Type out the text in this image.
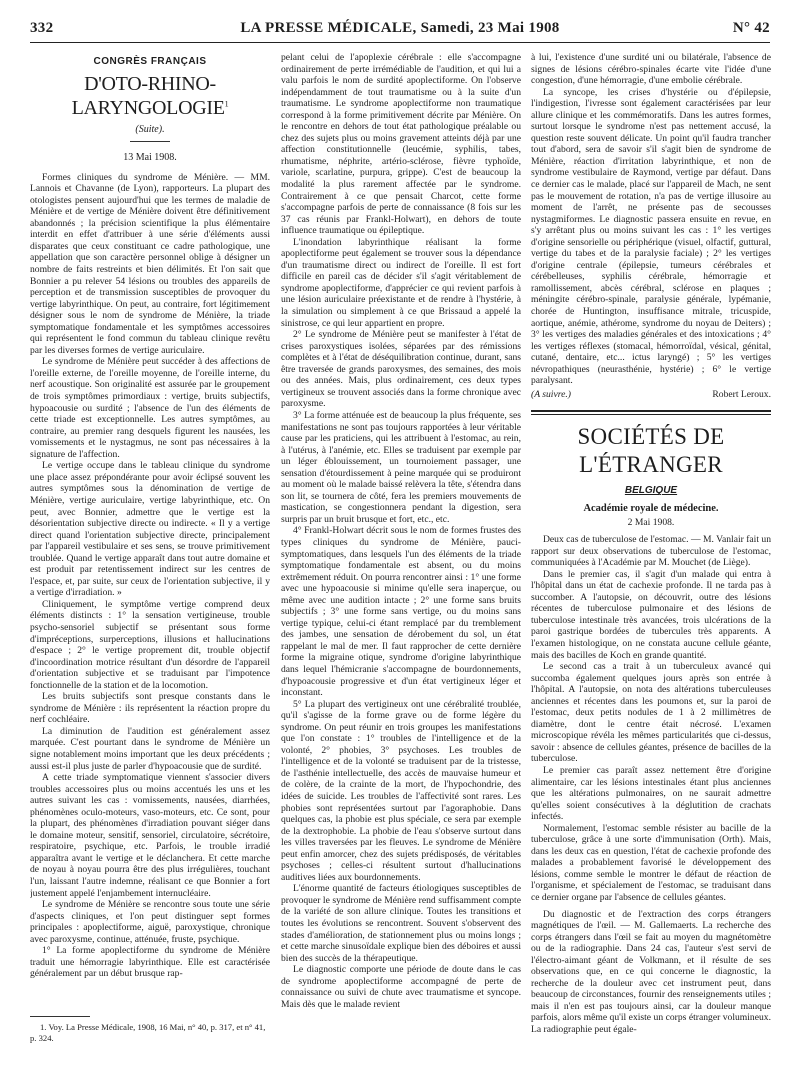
332	LA PRESSE MÉDICALE, Samedi, 23 Mai 1908	N° 42
CONGRÈS FRANÇAIS
D'OTO-RHINO-LARYNGOLOGIE$^1$
(Suite).
13 Mai 1908.

Formes cliniques du syndrome de Ménière. — MM. Lannois et Chavanne (de Lyon), rapporteurs. La plupart des otologistes pensent aujourd'hui que les termes de maladie de Ménière et de vertige de Ménière doivent être définitivement abandonnés ; la précision scientifique la plus élémentaire interdit en effet d'attribuer à une série d'éléments aussi disparates que ceux constituant ce cadre pathologique, une appellation que son caractère personnel oblige à désigner un nombre de faits restreints et bien délimités. Et l'on sait que Bonnier a pu relever 54 lésions ou troubles des appareils de perception et de transmission susceptibles de provoquer du vertige labyrinthique. On peut, au contraire, fort légitimement désigner sous le nom de syndrome de Ménière, la triade symptomatique fondamentale et les symptômes accessoires qui représentent le fond commun du tableau clinique revêtu par les diverses formes de vertige auriculaire.

Le syndrome de Ménière peut succéder à des affections de l'oreille externe, de l'oreille moyenne, de l'oreille interne, du nerf acoustique. Son originalité est assurée par le groupement de trois symptômes primordiaux : vertige, bruits subjectifs, hypoacousie ou surdité ; l'absence de l'un des éléments de cette triade est exceptionnelle. Les autres symptômes, au contraire, au premier rang desquels figurent les nausées, les vomissements et le nystagmus, ne sont pas nécessaires à la signature de l'affection.

Le vertige occupe dans le tableau clinique du syndrome une place assez prépondérante pour avoir éclipsé souvent les autres symptômes sous la dénomination de vertige de Ménière, vertige auriculaire, vertige labyrinthique, etc. On peut, avec Bonnier, admettre que le vertige est la désorientation subjective directe ou indirecte. « Il y a vertige direct quand l'orientation subjective directe, principalement par l'appareil vestibulaire et ses sens, se trouve primitivement troublée. Quand le vertige apparaît dans tout autre domaine et est produit par retentissement indirect sur les centres de l'espace, et, par suite, sur ceux de l'orientation subjective, il y a vertige d'irradiation. »

Cliniquement, le symptôme vertige comprend deux éléments distincts : 1° la sensation vertigineuse, trouble psycho-sensoriel subjectif se présentant sous forme d'impréceptions, surperceptions, illusions et hallucinations d'espace ; 2° le vertige proprement dit, trouble objectif d'incoordination motrice résultant d'un désordre de l'appareil d'orientation subjective et se traduisant par l'impotence fonctionnelle de la station et de la locomotion.

Les bruits subjectifs sont presque constants dans le syndrome de Ménière : ils représentent la réaction propre du nerf cochléaire.

La diminution de l'audition est généralement assez marquée. C'est pourtant dans le syndrome de Ménière un signe notablement moins important que les deux précédents ; aussi est-il plus juste de parler d'hypoacousie que de surdité.

A cette triade symptomatique viennent s'associer divers troubles accessoires plus ou moins accentués les uns et les autres suivant les cas : vomissements, nausées, diarrhées, phénomènes oculo-moteurs, vaso-moteurs, etc. Ce sont, pour la plupart, des phénomènes d'irradiation pouvant siéger dans le domaine moteur, sensitif, sensoriel, circulatoire, sécrétoire, respiratoire, psychique, etc. Parfois, le trouble irradié apparaîtra avant le vertige et le déclanchera. Et cette marche de noyau à noyau pourra être des plus irrégulières, touchant l'un, laissant l'autre indemne, réalisant ce que Bonnier a fort justement appelé l'enjambement internucléaire.

Le syndrome de Ménière se rencontre sous toute une série d'aspects cliniques, et l'on peut distinguer sept formes principales : apoplectiforme, aiguë, paroxystique, chronique avec paroxysme, continue, atténuée, fruste, psychique.

1° La forme apoplectiforme du syndrome de Ménière traduit une hémorragie labyrinthique. Elle est caractérisée généralement par un début brusque rap-

1. Voy. La Presse Médicale, 1908, 16 Mai, n° 40, p. 317, et n° 41, p. 324.

pelant celui de l'apoplexie cérébrale : elle s'accompagne ordinairement de perte irrémédiable de l'audition, et qui lui a valu parfois le nom de surdité apoplectiforme. On l'observe indépendamment de tout traumatisme ou à la suite d'un traumatisme. Le syndrome apoplectiforme non traumatique correspond à la forme primitivement décrite par Ménière. On le rencontre en dehors de tout état pathologique préalable ou chez des sujets plus ou moins gravement atteints déjà par une affection constitutionnelle (leucémie, syphilis, tabes, rhumatisme, néphrite, artério-sclérose, fièvre typhoïde, variole, scarlatine, purpura, grippe). C'est de beaucoup la modalité la plus rarement affectée par le syndrome. Contrairement à ce que pensait Charcot, cette forme s'accompagne parfois de perte de connaissance (8 fois sur les 37 cas réunis par Frankl-Holwart), en dehors de toute influence traumatique ou épileptique.

L'inondation labyrinthique réalisant la forme apoplectiforme peut également se trouver sous la dépendance d'un traumatisme direct ou indirect de l'oreille. Il est fort difficile en pareil cas de décider s'il s'agit véritablement de syndrome apoplectiforme, d'apprécier ce qui revient parfois à une lésion auriculaire préexistante et de rendre à l'hystérie, à la simulation ou simplement à ce que Brissaud a appelé la sinistrose, ce qui leur appartient en propre.

2° Le syndrome de Ménière peut se manifester à l'état de crises paroxystiques isolées, séparées par des rémissions complètes et à l'état de déséquilibration continue, durant, sans être traversée de grands paroxysmes, des semaines, des mois ou des années. Mais, plus ordinairement, ces deux types vertigineux se trouvent associés dans la forme chronique avec paroxysme.

3° La forme atténuée est de beaucoup la plus fréquente, ses manifestations ne sont pas toujours rapportées à leur véritable cause par les praticiens, qui les attribuent à l'estomac, au rein, à l'utérus, à l'anémie, etc. Elles se traduisent par exemple par un léger éblouissement, un tournoiement passager, une sensation d'étourdissement à peine marquée qui se produiront au moment où le malade baissé relèvera la tête, s'étendra dans son lit, se tournera de côté, fera les premiers mouvements de mastication, se congestionnera pendant la digestion, sera surpris par un bruit brusque et fort, etc., etc.

4° Frankl-Holwart décrit sous le nom de formes frustes des types cliniques du syndrome de Ménière, pauci-symptomatiques, dans lesquels l'un des éléments de la triade symptomatique fondamentale est absent, ou du moins extrêmement réduit. On pourra rencontrer ainsi : 1° une forme avec une hypoacousie si minime qu'elle sera inaperçue, ou même avec une audition intacte ; 2° une forme sans bruits subjectifs ; 3° une forme sans vertige, ou du moins sans vertige typique, celui-ci étant remplacé par du tremblement des jambes, une sensation de dérobement du sol, un état rappelant le mal de mer. Il faut rapprocher de cette dernière forme la migraine otique, syndrome d'origine labyrinthique dans lequel l'hémicranie s'accompagne de bourdonnements, d'hypoacousie progressive et d'un état vertigineux léger et inconstant.

5° La plupart des vertigineux ont une cérébralité troublée, qu'il s'agisse de la forme grave ou de forme légère du syndrome. On peut réunir en trois groupes les manifestations que l'on constate : 1° troubles de l'intelligence et de la volonté, 2° phobies, 3° psychoses. Les troubles de l'intelligence et de la volonté se traduisent par de la tristesse, de l'asthénie intellectuelle, des accès de mauvaise humeur et de colère, de la crainte de la mort, de l'hypochondrie, des idées de suicide. Les troubles de l'affectivité sont rares. Les phobies sont représentées surtout par l'agoraphobie. Dans quelques cas, la phobie est plus spéciale, ce sera par exemple de la dextrophobie. La phobie de l'eau s'observe surtout dans les villes traversées par les fleuves. Le syndrome de Ménière peut enfin amorcer, chez des sujets prédisposés, de véritables psychoses ; celles-ci résultent surtout d'hallucinations auditives liées aux bourdonnements.

L'énorme quantité de facteurs étiologiques susceptibles de provoquer le syndrome de Ménière rend suffisamment compte de la variété de son allure clinique. Toutes les transitions et toutes les évolutions se rencontrent. Souvent s'observent des stades d'amélioration, de stationnement plus ou moins longs ; et cette marche sinusoïdale explique bien des déboires et aussi bien des succès de la thérapeutique.

Le diagnostic comporte une période de doute dans le cas de syndrome apoplectiforme accompagné de perte de connaissance ou suivi de chute avec traumatisme et syncope. Mais dès que le malade revient

à lui, l'existence d'une surdité uni ou bilatérale, l'absence de signes de lésions cérébro-spinales écarte vite l'idée d'une congestion, d'une hémorragie, d'une embolie cérébrale.

La syncope, les crises d'hystérie ou d'épilepsie, l'indigestion, l'ivresse sont également caractérisées par leur allure clinique et les commémoratifs. Dans les autres formes, surtout lorsque le syndrome n'est pas nettement accusé, la question reste souvent délicate. Un point qu'il faudra trancher tout d'abord, sera de savoir s'il s'agit bien de syndrome de Ménière, réaction d'irritation labyrinthique, et non de syndrome vestibulaire de Raymond, vertige par défaut. Dans ce dernier cas le malade, placé sur l'appareil de Mach, ne sent pas le mouvement de rotation, n'a pas de vertige illusoire au moment de l'arrêt, ne présente pas de secousses nystagmiformes. Le diagnostic passera ensuite en revue, en s'y arrêtant plus ou moins suivant les cas : 1° les vertiges d'origine sensorielle ou périphérique (visuel, olfactif, guttural, vertige du tabes et de la paralysie faciale) ; 2° les vertiges d'origine centrale (épilepsie, tumeurs cérébrales et cérébelleuses, syphilis cérébrale, hémorragie et ramollissement, abcès cérébral, sclérose en plaques ; méningite cérébro-spinale, paralysie générale, lypémanie, chorée de Huntington, insuffisance mitrale, tricuspide, aortique, anémie, athérome, syndrome du noyau de Deiters) ; 3° les vertiges des maladies générales et des intoxications ; 4° les vertiges réflexes (stomacal, hémorroïdal, vésical, génital, cutané, dentaire, etc... ictus laryngé) ; 5° les vertiges névropathiques (neurasthénie, hystérie) ; 6° le vertige paralysant.

(A suivre.)	Robert Leroux.
SOCIÉTÉS DE L'ÉTRANGER
BELGIQUE
Académie royale de médecine.
2 Mai 1908.

Deux cas de tuberculose de l'estomac. — M. Vanlair fait un rapport sur deux observations de tuberculose de l'estomac, communiquées à l'Académie par M. Mouchet (de Liège).

Dans le premier cas, il s'agit d'un malade qui entra à l'hôpital dans un état de cachexie profonde. Il ne tarda pas à succomber. A l'autopsie, on découvrit, outre des lésions récentes de tuberculose pulmonaire et des lésions de tuberculose intestinale très avancées, trois ulcérations de la paroi gastrique bordées de tubercules très apparents. A l'examen histologique, on ne constata aucune cellule géante, mais des bacilles de Koch en grande quantité.

Le second cas a trait à un tuberculeux avancé qui succomba également quelques jours après son entrée à l'hôpital. A l'autopsie, on nota des altérations tuberculeuses anciennes et récentes dans les poumons et, sur la paroi de l'estomac, deux petits nodules de 1 à 2 millimètres de diamètre, dont le centre était nécrosé. L'examen microscopique révéla les mêmes particularités que ci-dessus, savoir : absence de cellules géantes, présence de bacilles de la tuberculose.

Le premier cas paraît assez nettement être d'origine alimentaire, car les lésions intestinales étant plus anciennes que les altérations pulmonaires, on ne saurait admettre qu'elles soient consécutives à la déglutition de crachats infectés.

Normalement, l'estomac semble résister au bacille de la tuberculose, grâce à une sorte d'immunisation (Orth). Mais, dans les deux cas en question, l'état de cachexie profonde des malades a probablement favorisé le développement des lésions, comme semble le montrer le défaut de réaction de l'organisme, et spécialement de l'estomac, se traduisant dans ce dernier organe par l'absence de cellules géantes.

Du diagnostic et de l'extraction des corps étrangers magnétiques de l'œil. — M. Gallemaerts. La recherche des corps étrangers dans l'œil se fait au moyen du magnétomètre ou de la radiographie. Dans 24 cas, l'auteur s'est servi de l'électro-aimant géant de Volkmann, et il résulte de ses observations que, en ce qui concerne le diagnostic, la recherche de la douleur avec cet instrument peut, dans beaucoup de circonstances, fournir des renseignements utiles ; mais il n'en est pas toujours ainsi, car la douleur manque parfois, alors même qu'il existe un corps étranger volumineux. La radiographie peut égale-
